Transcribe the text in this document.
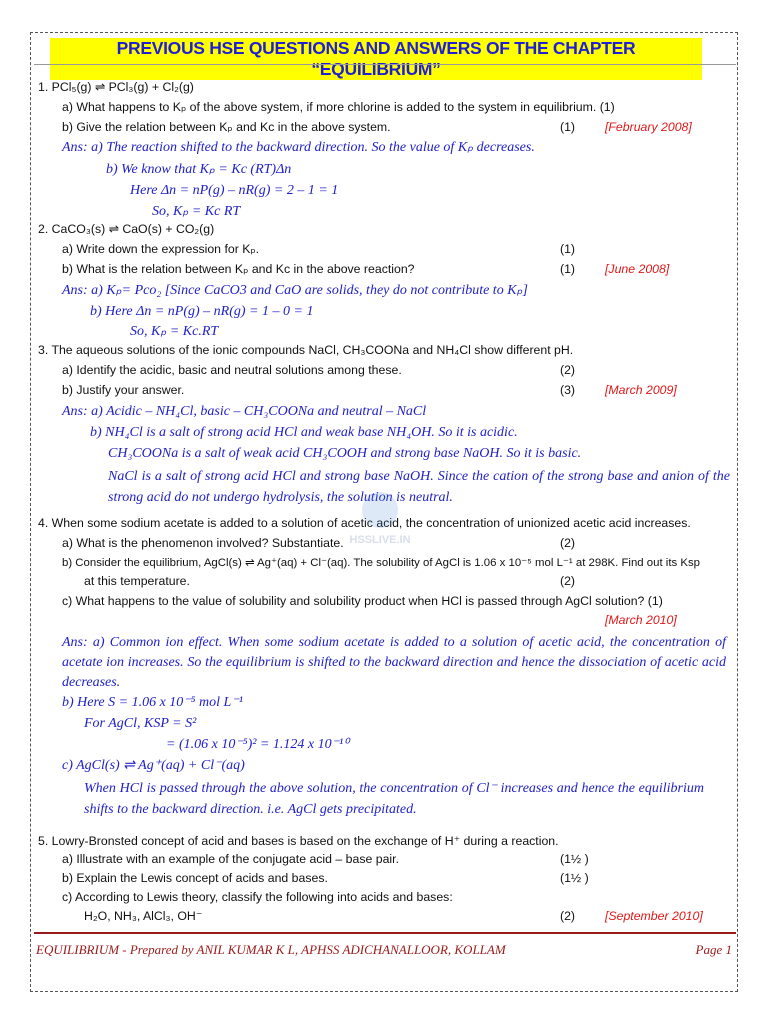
PREVIOUS HSE QUESTIONS AND ANSWERS OF THE CHAPTER “EQUILIBRIUM”
1. PCl₅(g) ⇌ PCl₃(g) + Cl₂(g)
a) What happens to Kₚ of the above system, if more chlorine is added to the system in equilibrium. (1)
b) Give the relation between Kₚ and Kc in the above system.	(1) [February 2008]
Ans: a) The reaction shifted to the backward direction. So the value of Kₚ decreases.
b) We know that Kₚ = Kc (RT)Δn
Here Δn = nP(g) – nR(g) = 2 – 1 = 1
So, Kₚ = Kc RT
2. CaCO₃(s) ⇌ CaO(s) + CO₂(g)
a) Write down the expression for Kₚ.	(1)
b) What is the relation between Kₚ and Kc in the above reaction?	(1) [June 2008]
Ans: a) Kₚ= Pco₂ [Since CaCO3 and CaO are solids, they do not contribute to Kₚ]
b) Here Δn = nP(g) – nR(g) = 1 – 0 = 1
So, Kₚ = Kc.RT
3. The aqueous solutions of the ionic compounds NaCl, CH₃COONa and NH₄Cl show different pH.
a) Identify the acidic, basic and neutral solutions among these.	(2)
b) Justify your answer.	(3) [March 2009]
Ans: a) Acidic – NH₄Cl, basic – CH₃COONa and neutral – NaCl
b) NH₄Cl is a salt of strong acid HCl and weak base NH₄OH. So it is acidic.
CH₃COONa is a salt of weak acid CH₃COOH and strong base NaOH. So it is basic.
NaCl is a salt of strong acid HCl and strong base NaOH. Since the cation of the strong base and anion of the strong acid do not undergo hydrolysis, the solution is neutral.
4. When some sodium acetate is added to a solution of acetic acid, the concentration of unionized acetic acid increases.
a) What is the phenomenon involved? Substantiate.	(2)
b) Consider the equilibrium, AgCl(s) ⇌ Ag⁺(aq) + Cl⁻(aq). The solubility of AgCl is 1.06 x 10⁻⁵ mol L⁻¹ at 298K. Find out its Ksp
at this temperature.	(2)
c) What happens to the value of solubility and solubility product when HCl is passed through AgCl solution? (1)
[March 2010]
Ans: a) Common ion effect. When some sodium acetate is added to a solution of acetic acid, the concentration of acetate ion increases. So the equilibrium is shifted to the backward direction and hence the dissociation of acetic acid decreases.
b) Here S = 1.06 x 10⁻⁵ mol L⁻¹
For AgCl, KSP = S²
= (1.06 x 10⁻⁵)² = 1.124 x 10⁻¹⁰
c) AgCl(s) ⇌ Ag⁺(aq) + Cl⁻(aq)
When HCl is passed through the above solution, the concentration of Cl⁻ increases and hence the equilibrium shifts to the backward direction. i.e. AgCl gets precipitated.
5. Lowry-Bronsted concept of acid and bases is based on the exchange of H⁺ during a reaction.
a) Illustrate with an example of the conjugate acid – base pair.	(1½ )
b) Explain the Lewis concept of acids and bases.	(1½ )
c) According to Lewis theory, classify the following into acids and bases:
H₂O, NH₃, AlCl₃, OH⁻	(2) [September 2010]
HSSLIVE.IN
EQUILIBRIUM - Prepared by ANIL KUMAR K L, APHSS ADICHANALLOOR, KOLLAM	Page 1
